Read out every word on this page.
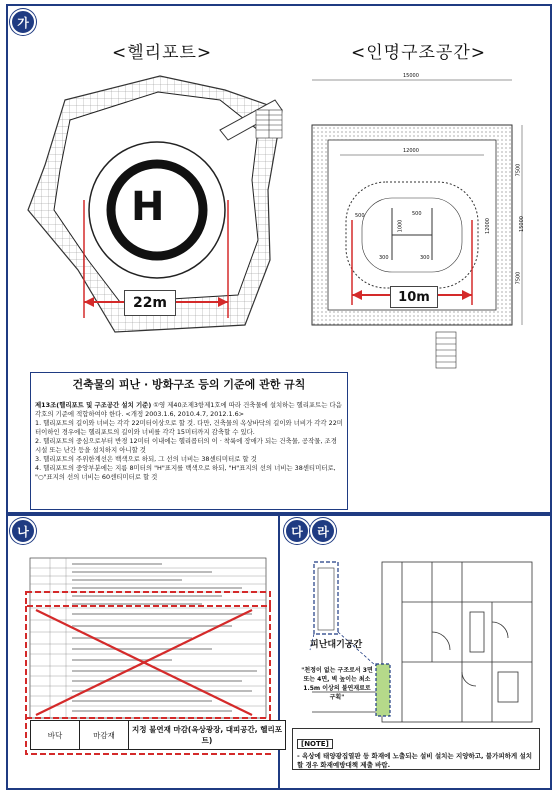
가
나	다	라
<헬리포트>	<인명구조공간>
H
22m
15000
12000
7500
15000
7500
12000
500
1000
500
300	300
10m
건축물의 피난 · 방화구조 등의 기준에 관한 규칙
제13조(헬리포트 및 구조공간 설치 기준) ①영 제40조제3항제1호에 따라 건축물에 설치하는 헬리포트는 다음 각호의 기준에 적합하여야 한다. <개정 2003.1.6, 2010.4.7, 2012.1.6>
1. 헬리포트의 길이와 너비는 각각 22미터이상으로 할 것. 다만, 건축물의 옥상바닥의 길이와 너비가 각각 22미터이하인 경우에는 헬리포트의 길이와 너비를 각각 15미터까지 감축할 수 있다.
2. 헬리포트의 중심으로부터 반경 12미터 이내에는 헬리콥터의 이 · 착륙에 장애가 되는 건축물, 공작물, 조경시설 또는 난간 등을 설치하지 아니할 것
3. 헬리포트의 주위한계선은 백색으로 하되, 그 선의 너비는 38센티미터로 할 것
4. 헬리포트의 중앙부분에는 지름 8미터의 "H"표지를 백색으로 하되, "H"표지의 선의 너비는 38센티미터로, "○"표지의 선의 너비는 60센티미터로 할 것
바닥	마감재	지정 불연재 마감(옥상광장, 대피공간, 헬리포트)
피난대기공간
"천정이 없는 구조로서 3면 또는 4면, 벽 높이는 최소 1.5m 이상의 불연재료로 구획"
[NOTE]
- 옥상에 태양광집열판 등 화재에 노출되는 설비 설치는 지양하고, 불가피하게 설치할 경우 화재예방대책 제출 바람.
